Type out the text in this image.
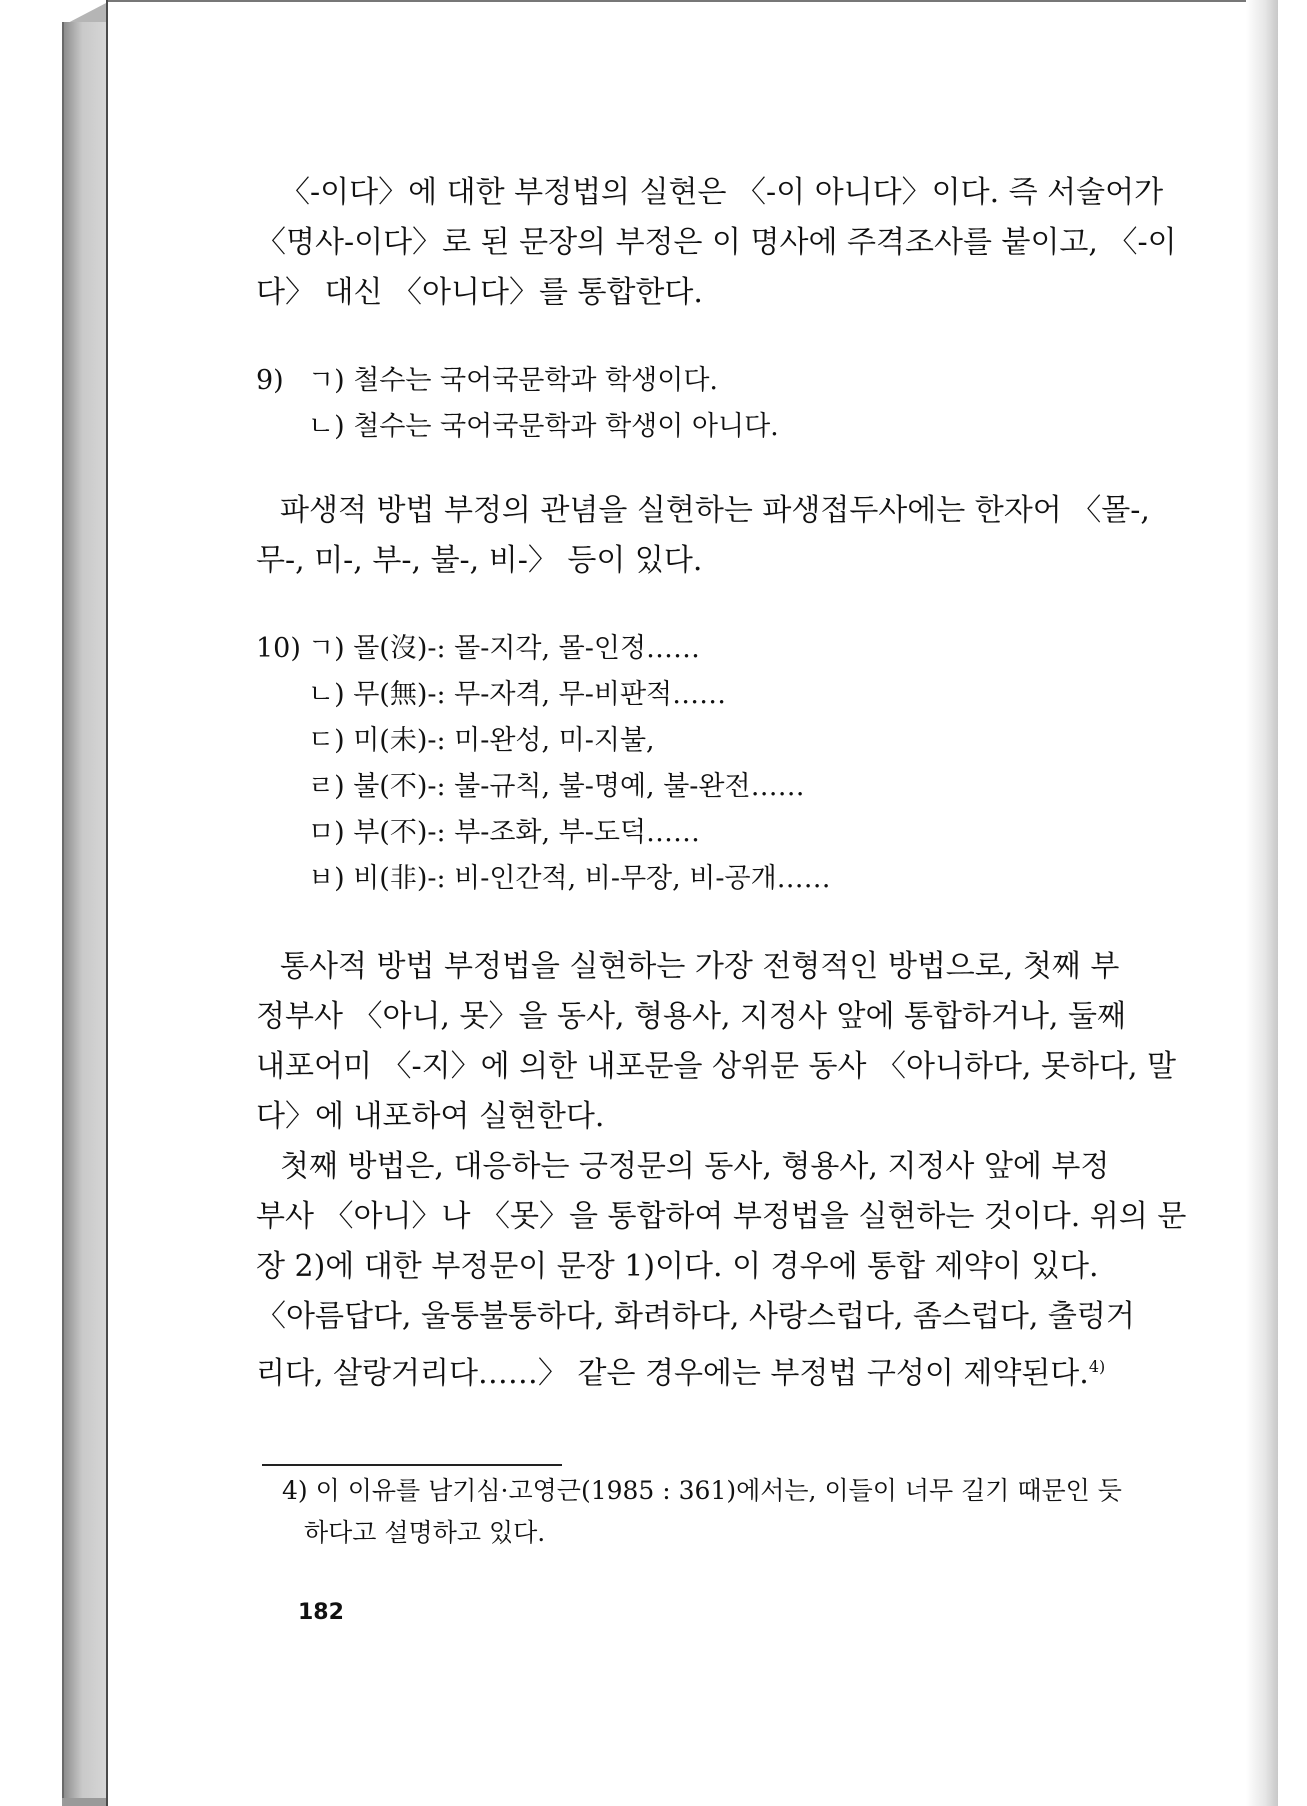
〈-이다〉에 대한 부정법의 실현은 〈-이 아니다〉이다. 즉 서술어가
〈명사-이다〉로 된 문장의 부정은 이 명사에 주격조사를 붙이고, 〈-이
다〉 대신 〈아니다〉를 통합한다.

9) ㄱ) 철수는 국어국문학과 학생이다.
ㄴ) 철수는 국어국문학과 학생이 아니다.

파생적 방법 부정의 관념을 실현하는 파생접두사에는 한자어 〈몰-,
무-, 미-, 부-, 불-, 비-〉 등이 있다.

10) ㄱ) 몰(沒)-: 몰-지각, 몰-인정……
ㄴ) 무(無)-: 무-자격, 무-비판적……
ㄷ) 미(未)-: 미-완성, 미-지불,
ㄹ) 불(不)-: 불-규칙, 불-명예, 불-완전……
ㅁ) 부(不)-: 부-조화, 부-도덕……
ㅂ) 비(非)-: 비-인간적, 비-무장, 비-공개……

통사적 방법 부정법을 실현하는 가장 전형적인 방법으로, 첫째 부
정부사 〈아니, 못〉을 동사, 형용사, 지정사 앞에 통합하거나, 둘째
내포어미 〈-지〉에 의한 내포문을 상위문 동사 〈아니하다, 못하다, 말
다〉에 내포하여 실현한다.

첫째 방법은, 대응하는 긍정문의 동사, 형용사, 지정사 앞에 부정
부사 〈아니〉나 〈못〉을 통합하여 부정법을 실현하는 것이다. 위의 문
장 2)에 대한 부정문이 문장 1)이다. 이 경우에 통합 제약이 있다.
〈아름답다, 울퉁불퉁하다, 화려하다, 사랑스럽다, 좀스럽다, 출렁거
리다, 살랑거리다……〉 같은 경우에는 부정법 구성이 제약된다.$^{4)}$

4) 이 이유를 남기심·고영근(1985 : 361)에서는, 이들이 너무 길기 때문인 듯
하다고 설명하고 있다.
182
